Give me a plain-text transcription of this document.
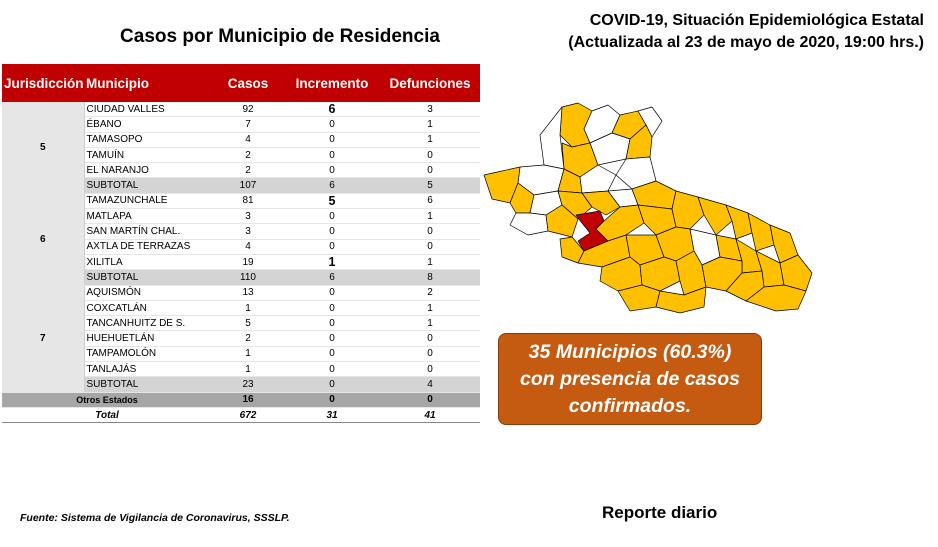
Casos por Municipio de Residencia
COVID-19, Situación Epidemiológica Estatal
(Actualizada al 23 de mayo de 2020, 19:00 hrs.)
Jurisdicción	Municipio	Casos	Incremento	Defunciones
5	CIUDAD VALLES	92	6	3
	ÉBANO	7	0	1
	TAMASOPO	4	0	1
	TAMUÍN	2	0	0
	EL NARANJO	2	0	0
	SUBTOTAL	107	6	5
6	TAMAZUNCHALE	81	5	6
	MATLAPA	3	0	1
	SAN MARTÍN CHAL.	3	0	0
	AXTLA DE TERRAZAS	4	0	0
	XILITLA	19	1	1
	SUBTOTAL	110	6	8
7	AQUISMÓN	13	0	2
	COXCATLÁN	1	0	1
	TANCANHUITZ DE S.	5	0	1
	HUEHUETLÁN	2	0	0
	TAMPAMOLÓN	1	0	0
	TANLAJÁS	1	0	0
	SUBTOTAL	23	0	4
Otros Estados		16	0	0
Total		672	31	41
35 Municipios (60.3%)
con presencia de casos
confirmados.
Fuente: Sistema de Vigilancia de Coronavirus, SSSLP.	Reporte diario
